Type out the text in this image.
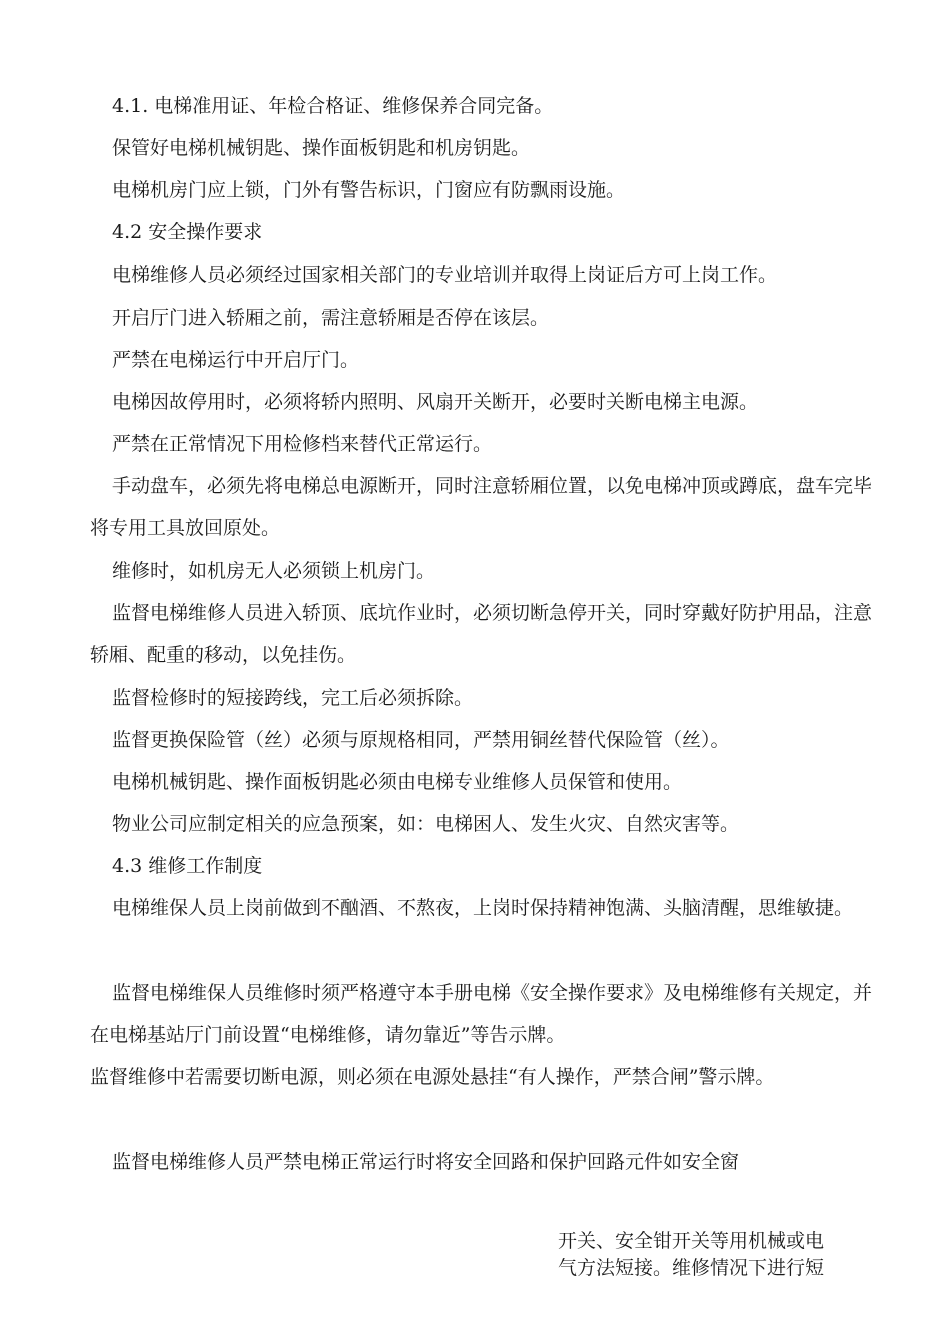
4.1. 电梯准用证、年检合格证、维修保养合同完备。
保管好电梯机械钥匙、操作面板钥匙和机房钥匙。
电梯机房门应上锁，门外有警告标识，门窗应有防飘雨设施。
4.2 安全操作要求
电梯维修人员必须经过国家相关部门的专业培训并取得上岗证后方可上岗工作。
开启厅门进入轿厢之前，需注意轿厢是否停在该层。
严禁在电梯运行中开启厅门。
电梯因故停用时，必须将轿内照明、风扇开关断开，必要时关断电梯主电源。
严禁在正常情况下用检修档来替代正常运行。
手动盘车，必须先将电梯总电源断开，同时注意轿厢位置，以免电梯冲顶或蹲底，盘车完毕将专用工具放回原处。
维修时，如机房无人必须锁上机房门。
监督电梯维修人员进入轿顶、底坑作业时，必须切断急停开关，同时穿戴好防护用品，注意轿厢、配重的移动，以免挂伤。
监督检修时的短接跨线，完工后必须拆除。
监督更换保险管（丝）必须与原规格相同，严禁用铜丝替代保险管（丝）。
电梯机械钥匙、操作面板钥匙必须由电梯专业维修人员保管和使用。
物业公司应制定相关的应急预案，如：电梯困人、发生火灾、自然灾害等。
4.3 维修工作制度
电梯维保人员上岗前做到不酗酒、不熬夜，上岗时保持精神饱满、头脑清醒，思维敏捷。
监督电梯维保人员维修时须严格遵守本手册电梯《安全操作要求》及电梯维修有关规定，并在电梯基站厅门前设置“电梯维修，请勿靠近”等告示牌。
监督维修中若需要切断电源，则必须在电源处悬挂“有人操作，严禁合闸”警示牌。
监督电梯维修人员严禁电梯正常运行时将安全回路和保护回路元件如安全窗
开关、安全钳开关等用机械或电
气方法短接。维修情况下进行短
